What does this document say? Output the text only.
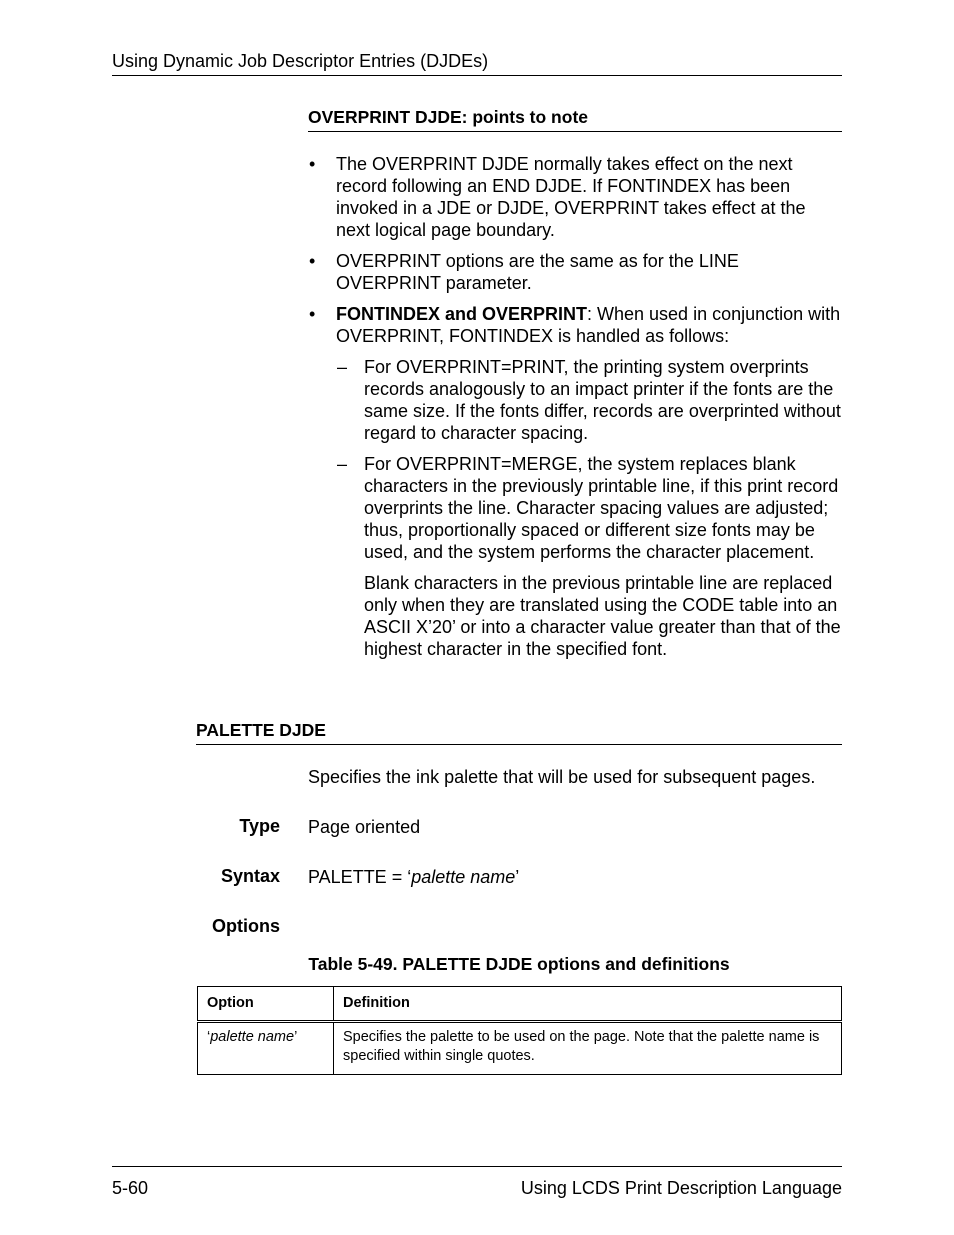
Using Dynamic Job Descriptor Entries (DJDEs)
OVERPRINT DJDE: points to note
• The OVERPRINT DJDE normally takes effect on the next record following an END DJDE. If FONTINDEX has been invoked in a JDE or DJDE, OVERPRINT takes effect at the next logical page boundary.
• OVERPRINT options are the same as for the LINE OVERPRINT parameter.
• FONTINDEX and OVERPRINT: When used in conjunction with OVERPRINT, FONTINDEX is handled as follows:
– For OVERPRINT=PRINT, the printing system overprints records analogously to an impact printer if the fonts are the same size. If the fonts differ, records are overprinted without regard to character spacing.

– For OVERPRINT=MERGE, the system replaces blank characters in the previously printable line, if this print record overprints the line. Character spacing values are adjusted; thus, proportionally spaced or different size fonts may be used, and the system performs the character placement.

Blank characters in the previous printable line are replaced only when they are translated using the CODE table into an ASCII X’20’ or into a character value greater than that of the highest character in the specified font.

PALETTE DJDE
Specifies the ink palette that will be used for subsequent pages.
Type Page oriented
Syntax PALETTE = ‘palette name’
Options
Table 5-49. PALETTE DJDE options and definitions
Option	Definition
‘palette name’	Specifies the palette to be used on the page. Note that the palette name is specified within single quotes.
5-60	Using LCDS Print Description Language
